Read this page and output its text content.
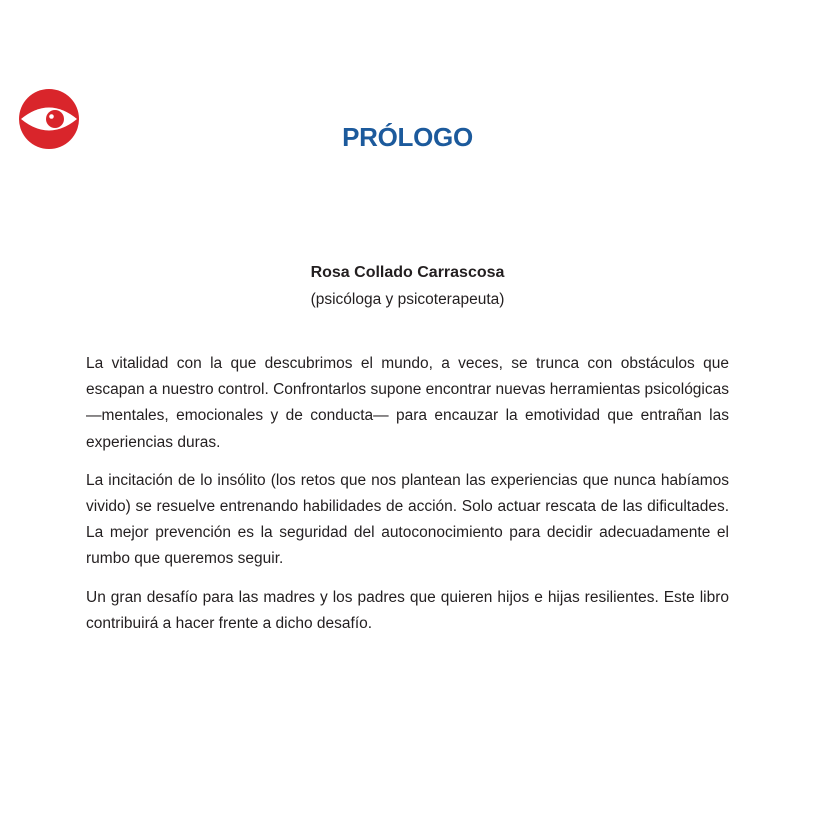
PRÓLOGO
Rosa Collado Carrascosa
(psicóloga y psicoterapeuta)

La vitalidad con la que descubrimos el mundo, a veces, se trunca con obstáculos que escapan a nuestro control. Confrontarlos supone encontrar nuevas herramientas psicológicas —mentales, emocionales y de conducta— para encauzar la emotividad que entrañan las experiencias duras.

La incitación de lo insólito (los retos que nos plantean las experiencias que nunca habíamos vivido) se resuelve entrenando habilidades de acción. Solo actuar rescata de las dificultades. La mejor prevención es la seguridad del autoconocimiento para decidir adecuadamente el rumbo que queremos seguir.

Un gran desafío para las madres y los padres que quieren hijos e hijas resilientes. Este libro contribuirá a hacer frente a dicho desafío.
